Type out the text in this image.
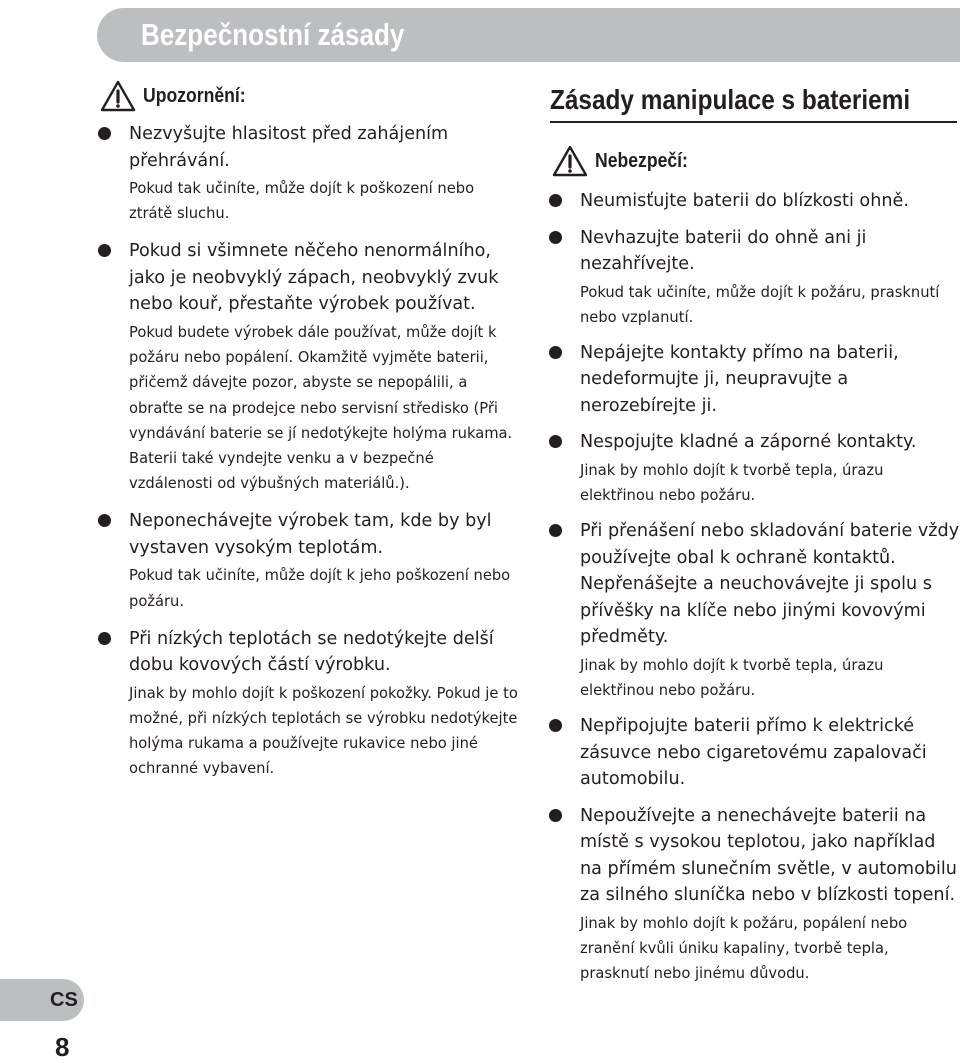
Bezpečnostní zásady
Upozornění:
Nezvyšujte hlasitost před zahájením přehrávání.
Pokud tak učiníte, může dojít k poškození nebo ztrátě sluchu.
Pokud si všimnete něčeho nenormálního, jako je neobvyklý zápach, neobvyklý zvuk nebo kouř, přestaňte výrobek používat.
Pokud budete výrobek dále používat, může dojít k požáru nebo popálení. Okamžitě vyjměte baterii, přičemž dávejte pozor, abyste se nepopálili, a obraťte se na prodejce nebo servisní středisko (Při vyndávání baterie se jí nedotýkejte holýma rukama. Baterii také vyndejte venku a v bezpečné vzdálenosti od výbušných materiálů.).
Neponechávejte výrobek tam, kde by byl vystaven vysokým teplotám.
Pokud tak učiníte, může dojít k jeho poškození nebo požáru.
Při nízkých teplotách se nedotýkejte delší dobu kovových částí výrobku.
Jinak by mohlo dojít k poškození pokožky. Pokud je to možné, při nízkých teplotách se výrobku nedotýkejte holýma rukama a používejte rukavice nebo jiné ochranné vybavení.
Zásady manipulace s bateriemi
Nebezpečí:
Neumisťujte baterii do blízkosti ohně.
Nevhazujte baterii do ohně ani ji nezahřívejte.
Pokud tak učiníte, může dojít k požáru, prasknutí nebo vzplanutí.
Nepájejte kontakty přímo na baterii, nedeformujte ji, neupravujte a nerozebírejte ji.
Nespojujte kladné a záporné kontakty.
Jinak by mohlo dojít k tvorbě tepla, úrazu elektřinou nebo požáru.
Při přenášení nebo skladování baterie vždy používejte obal k ochraně kontaktů. Nepřenášejte a neuchovávejte ji spolu s přívěšky na klíče nebo jinými kovovými předměty.
Jinak by mohlo dojít k tvorbě tepla, úrazu elektřinou nebo požáru.
Nepřipojujte baterii přímo k elektrické zásuvce nebo cigaretovému zapalovači automobilu.
Nepoužívejte a nenechávejte baterii na místě s vysokou teplotou, jako například na přímém slunečním světle, v automobilu za silného sluníčka nebo v blízkosti topení.
Jinak by mohlo dojít k požáru, popálení nebo zranění kvůli úniku kapaliny, tvorbě tepla, prasknutí nebo jinému důvodu.
CS
8
